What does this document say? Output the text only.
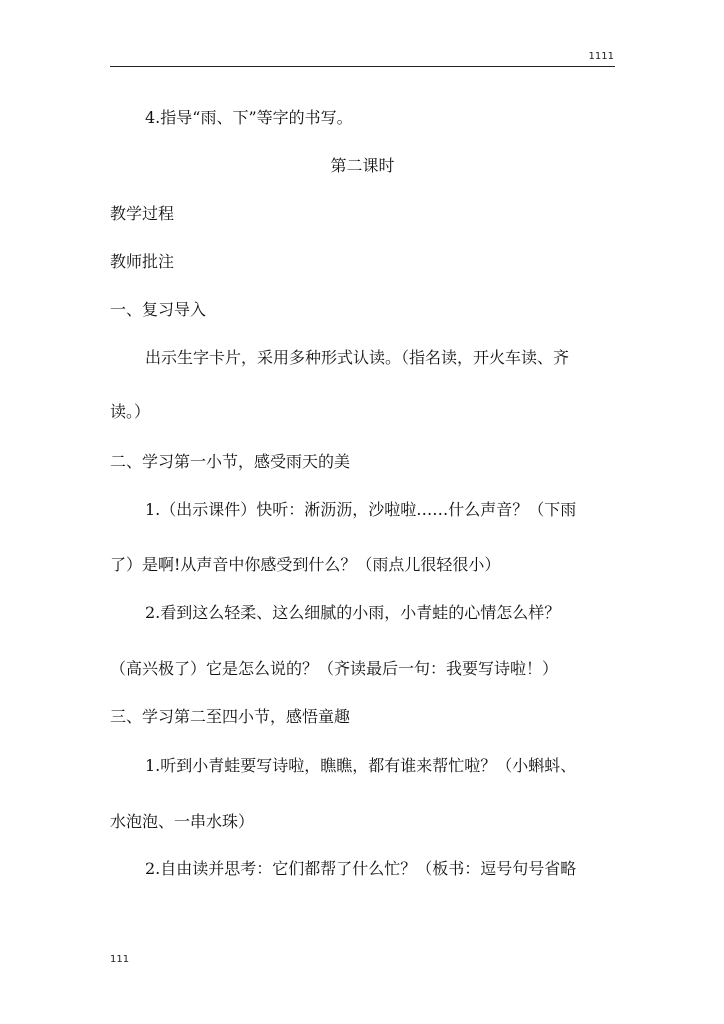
1111
4.指导“雨、下”等字的书写。
第二课时
教学过程
教师批注
一、复习导入
出示生字卡片，采用多种形式认读。（指名读，开火车读、齐
读。）
二、学习第一小节，感受雨天的美
1.（出示课件）快听：淅沥沥，沙啦啦……什么声音？（下雨
了）是啊!从声音中你感受到什么？（雨点儿很轻很小）
2.看到这么轻柔、这么细腻的小雨，小青蛙的心情怎么样？
（高兴极了）它是怎么说的？（齐读最后一句：我要写诗啦！）
三、学习第二至四小节，感悟童趣
1.听到小青蛙要写诗啦，瞧瞧，都有谁来帮忙啦？（小蝌蚪、
水泡泡、一串水珠）
2.自由读并思考：它们都帮了什么忙？（板书：逗号句号省略
111
